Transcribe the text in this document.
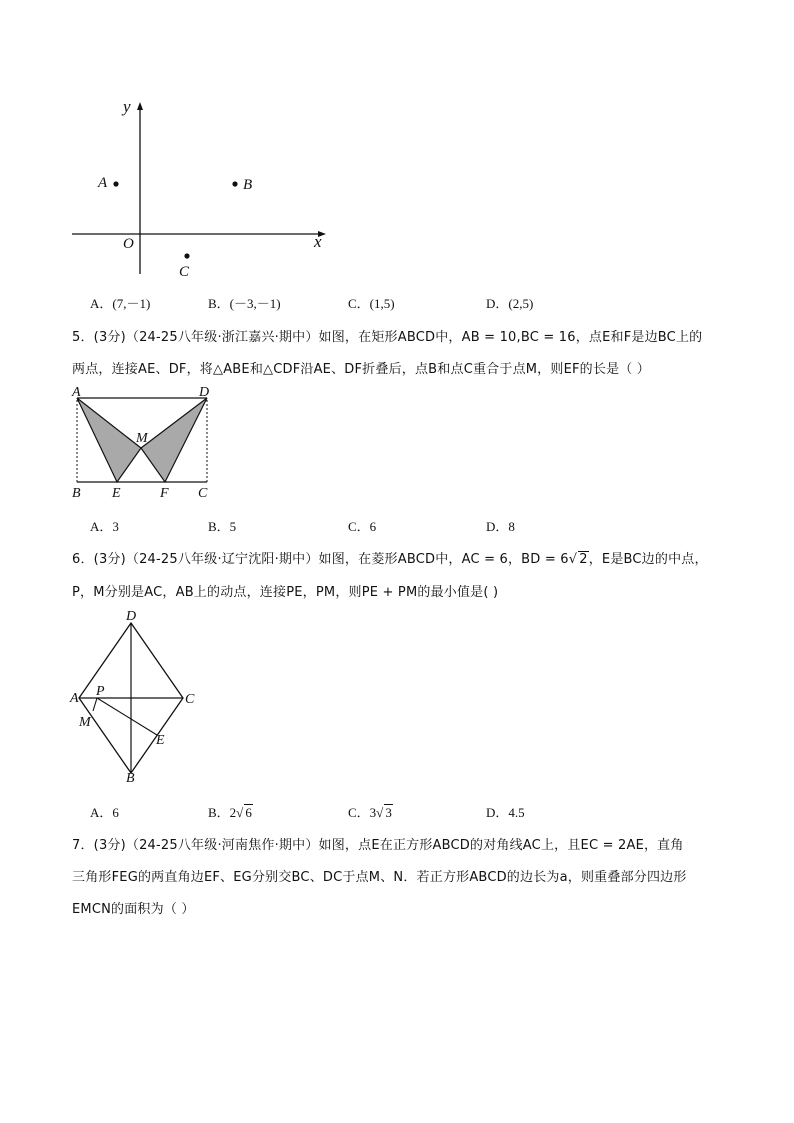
y
x
O
A	B
C
A．(7,－1)	B．(－3,－1)	C．(1,5)	D．(2,5)
5．(3分)（24-25八年级·浙江嘉兴·期中）如图，在矩形ABCD中，AB = 10,BC = 16，点E和F是边BC上的
两点，连接AE、DF，将△ABE和△CDF沿AE、DF折叠后，点B和点C重合于点M，则EF的长是（ ）
A	D
M
B E	F C
A．3	B．5	C．6	D．8
6．(3分)（24-25八年级·辽宁沈阳·期中）如图，在菱形ABCD中，AC = 6，BD = 6√ 2，E是BC边的中点，
P，M分别是AC，AB上的动点，连接PE，PM，则PE + PM的最小值是( )
D
A P
C
M
E
B
A．6	B．2√ 6	C．3√ 3	D．4.5
7．(3分)（24-25八年级·河南焦作·期中）如图，点E在正方形ABCD的对角线AC上，且EC = 2AE，直角
三角形FEG的两直角边EF、EG分别交BC、DC于点M、N．若正方形ABCD的边长为a，则重叠部分四边形
EMCN的面积为（ ）
